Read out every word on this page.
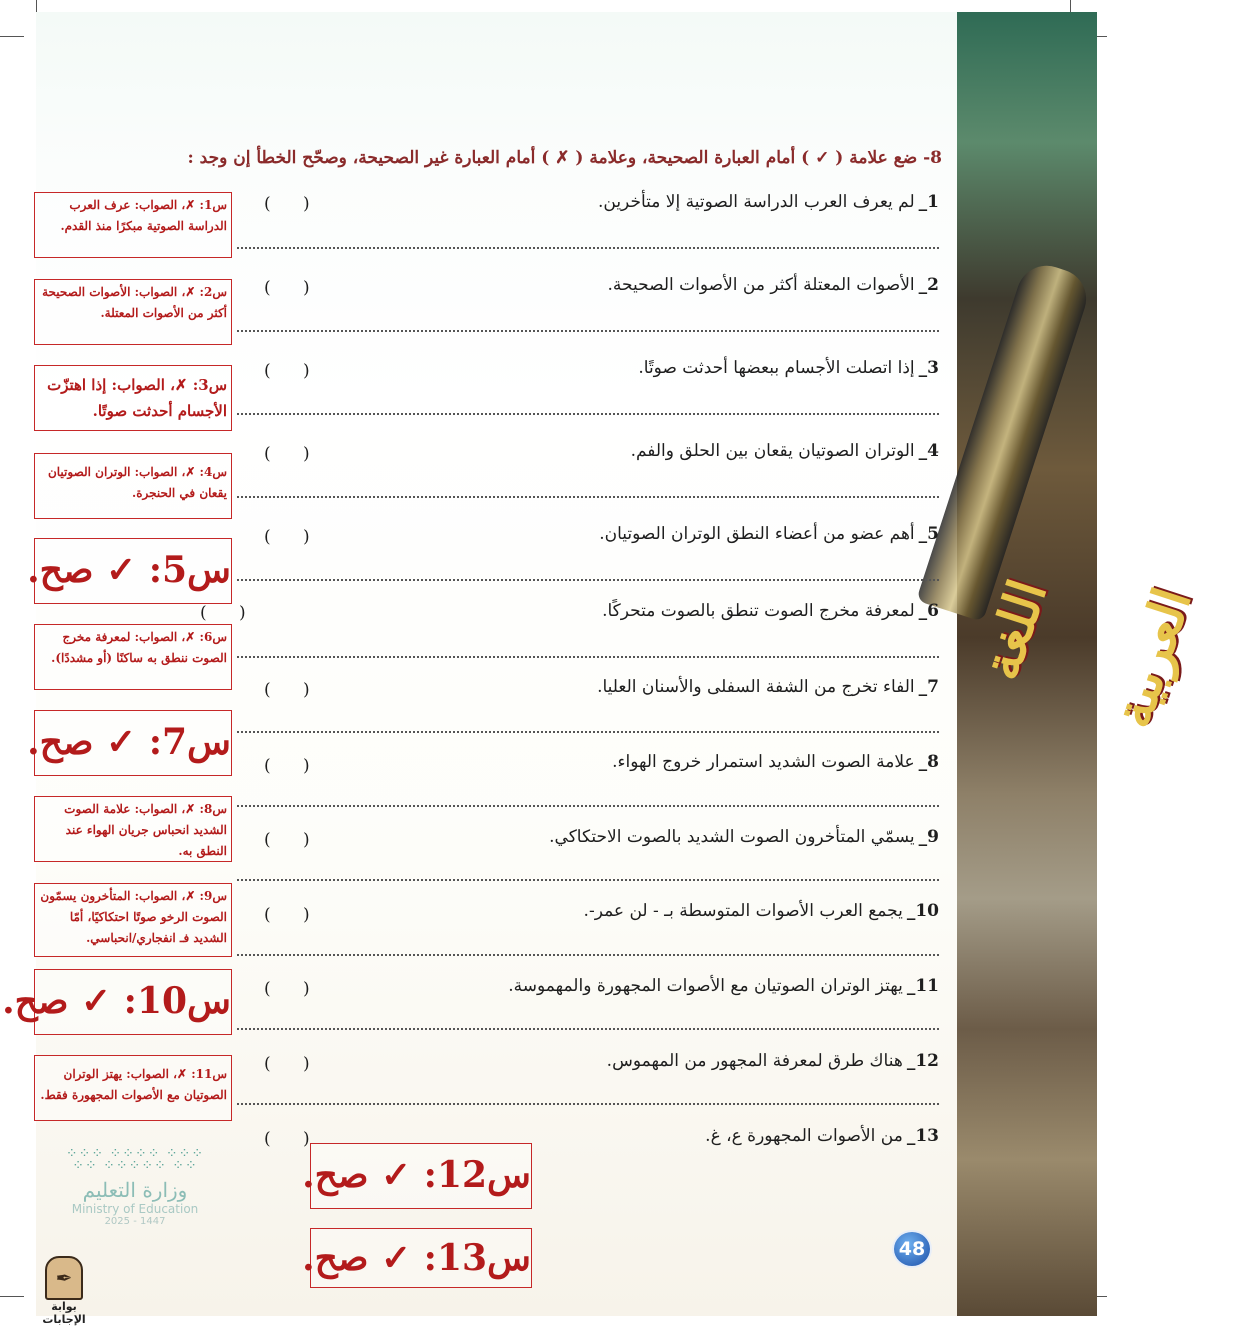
اللغة العربية
8- ضع علامة ( ✓ ) أمام العبارة الصحيحة، وعلامة ( ✗ ) أمام العبارة غير الصحيحة، وصحّح الخطأ إن وجد :
1_لم يعرف العرب الدراسة الصوتية إلا متأخرين.
2_الأصوات المعتلة أكثر من الأصوات الصحيحة.
3_إذا اتصلت الأجسام ببعضها أحدثت صوتًا.
4_الوتران الصوتيان يقعان بين الحلق والفم.
5_أهم عضو من أعضاء النطق الوتران الصوتيان.
6_لمعرفة مخرج الصوت تنطق بالصوت متحركًا.
7_الفاء تخرج من الشفة السفلى والأسنان العليا.
8_علامة الصوت الشديد استمرار خروج الهواء.
9_يسمّي المتأخرون الصوت الشديد بالصوت الاحتكاكي.
10_يجمع العرب الأصوات المتوسطة بـ - لن عمر-.
11_يهتز الوتران الصوتيان مع الأصوات المجهورة والمهموسة.
12_هناك طرق لمعرفة المجهور من المهموس.
13_من الأصوات المجهورة ع، غ.
(      )
(      )
(      )
(      )
(      )
(      )
(      )
(      )
(      )
(      )
(      )
(      )
(      )
س1: ✗، الصواب: عرف العرب الدراسة الصوتية مبكرًا منذ القدم.
س2: ✗، الصواب: الأصوات الصحيحة أكثر من الأصوات المعتلة.
س3: ✗، الصواب: إذا اهتزّت الأجسام أحدثت صوتًا.
س4: ✗، الصواب: الوتران الصوتيان يقعان في الحنجرة.
س5: ✓ صح.
س6: ✗، الصواب: لمعرفة مخرج الصوت ننطق به ساكنًا (أو مشددًا).
س7: ✓ صح.
س8: ✗، الصواب: علامة الصوت الشديد انحباس جريان الهواء عند النطق به.
س9: ✗، الصواب: المتأخرون يسمّون الصوت الرخو صوتًا احتكاكيًا، أمّا الشديد فـ انفجاري/انحباسي.
س10: ✓ صح.
س11: ✗، الصواب: يهتز الوتران الصوتيان مع الأصوات المجهورة فقط.
س12: ✓ صح.
س13: ✓ صح.
⁘⁘⁘ ⁘⁘⁘⁘ ⁘⁘⁘
⁘⁘ ⁘⁘⁘⁘⁘ ⁘⁘
وزارة التعليم
Ministry of Education
2025 - 1447
✒
بوابة الإجابات
48
